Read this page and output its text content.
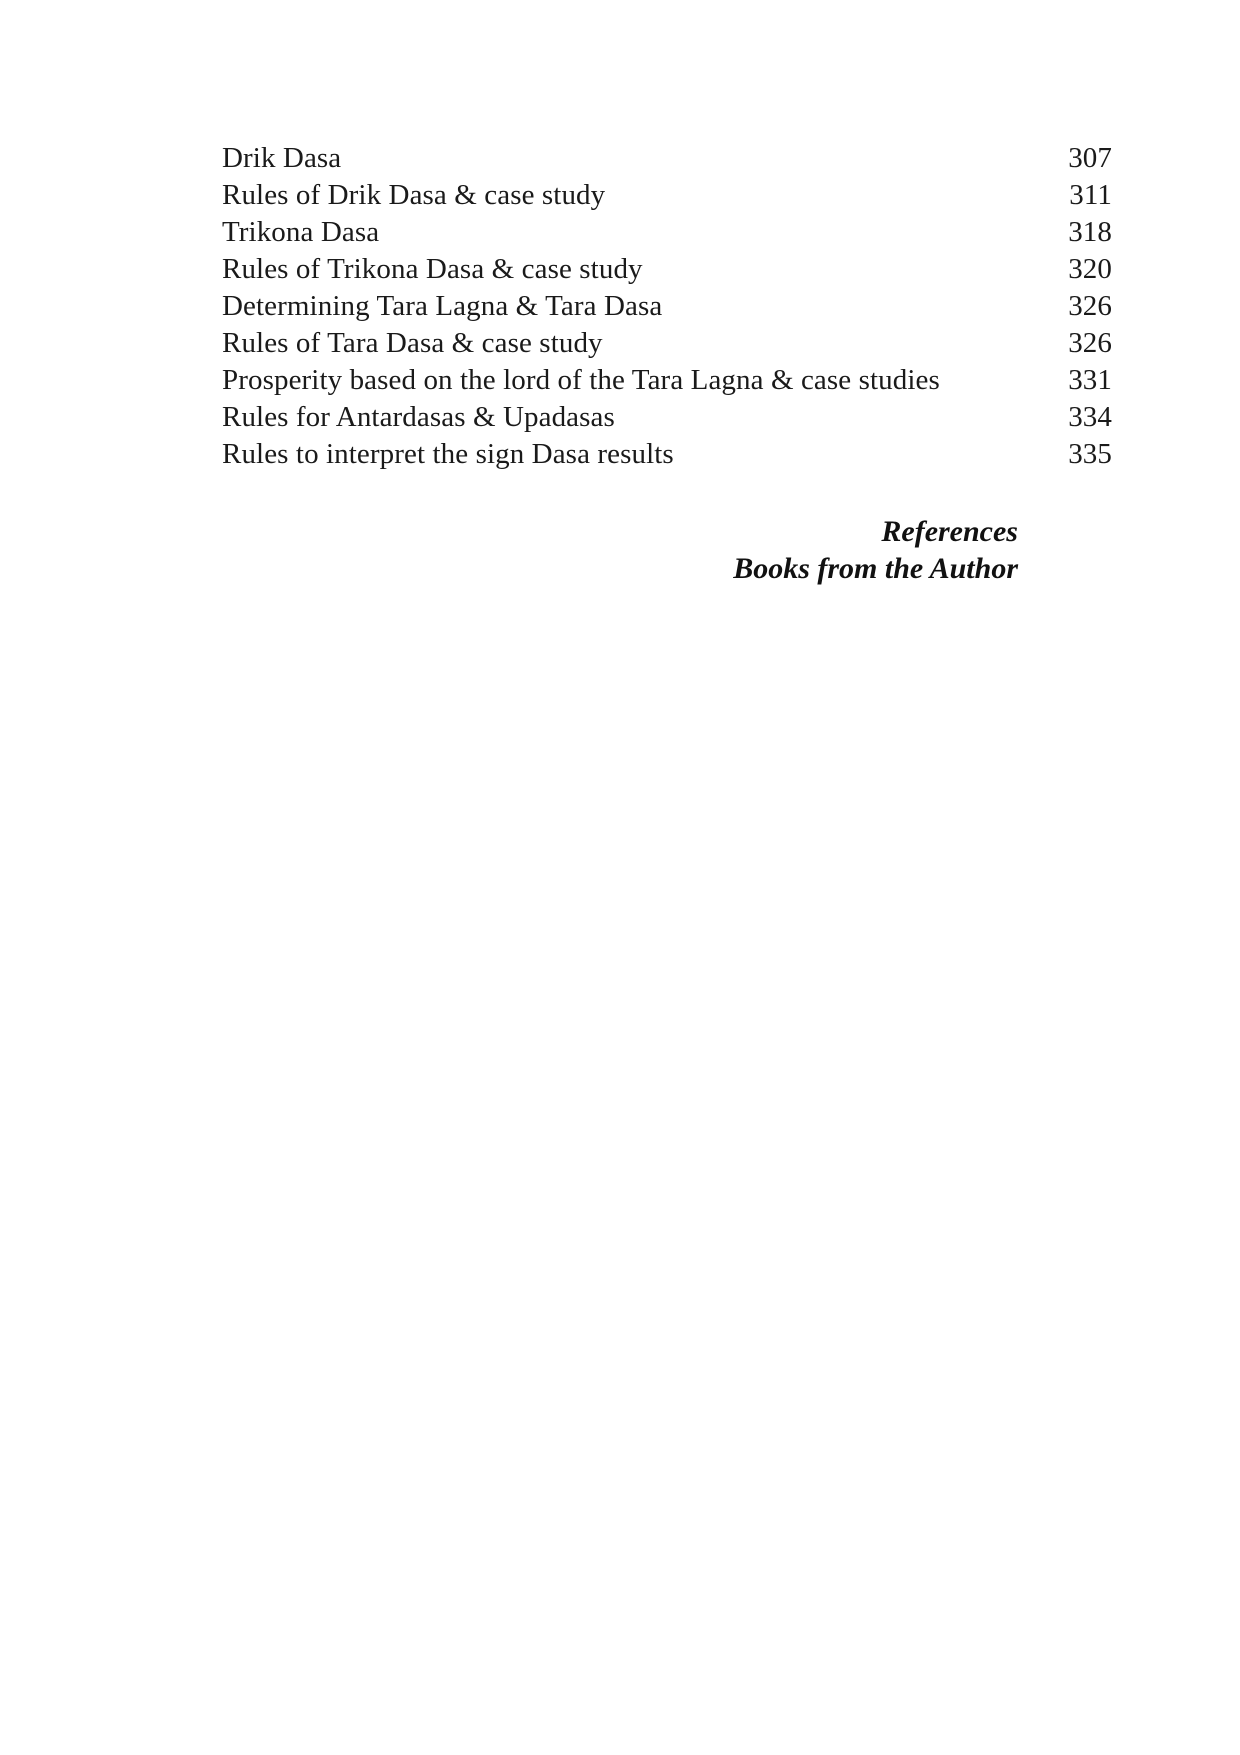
Drik Dasa	307
Rules of Drik Dasa & case study	311
Trikona Dasa	318
Rules of Trikona Dasa & case study	320
Determining Tara Lagna & Tara Dasa	326
Rules of Tara Dasa & case study	326
Prosperity based on the lord of the Tara Lagna & case studies	331
Rules for Antardasas & Upadasas	334
Rules to interpret the sign Dasa results	335
References
Books from the Author
